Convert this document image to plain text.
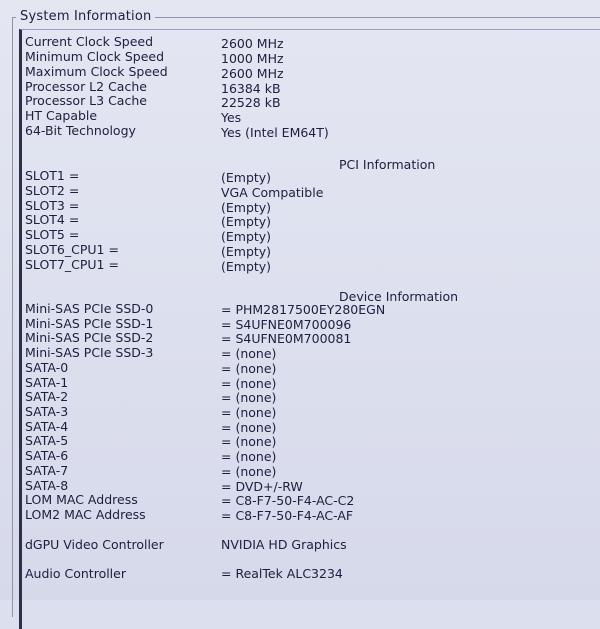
System Information
Current Clock Speed	2600 MHz
Minimum Clock Speed	1000 MHz
Maximum Clock Speed	2600 MHz
Processor L2 Cache	16384 kB
Processor L3 Cache	22528 kB
HT Capable	Yes
64-Bit Technology	Yes (Intel EM64T)
PCI Information
SLOT1 =	(Empty)
SLOT2 =	VGA Compatible
SLOT3 =	(Empty)
SLOT4 =	(Empty)
SLOT5 =	(Empty)
SLOT6_CPU1 =	(Empty)
SLOT7_CPU1 =	(Empty)
Device Information
Mini-SAS PCIe SSD-0	= PHM2817500EY280EGN
Mini-SAS PCIe SSD-1	= S4UFNE0M700096
Mini-SAS PCIe SSD-2	= S4UFNE0M700081
Mini-SAS PCIe SSD-3	= (none)
SATA-0	= (none)
SATA-1	= (none)
SATA-2	= (none)
SATA-3	= (none)
SATA-4	= (none)
SATA-5	= (none)
SATA-6	= (none)
SATA-7	= (none)
SATA-8	= DVD+/-RW
LOM MAC Address	= C8-F7-50-F4-AC-C2
LOM2 MAC Address	= C8-F7-50-F4-AC-AF
dGPU Video Controller	NVIDIA HD Graphics
Audio Controller	= RealTek ALC3234
